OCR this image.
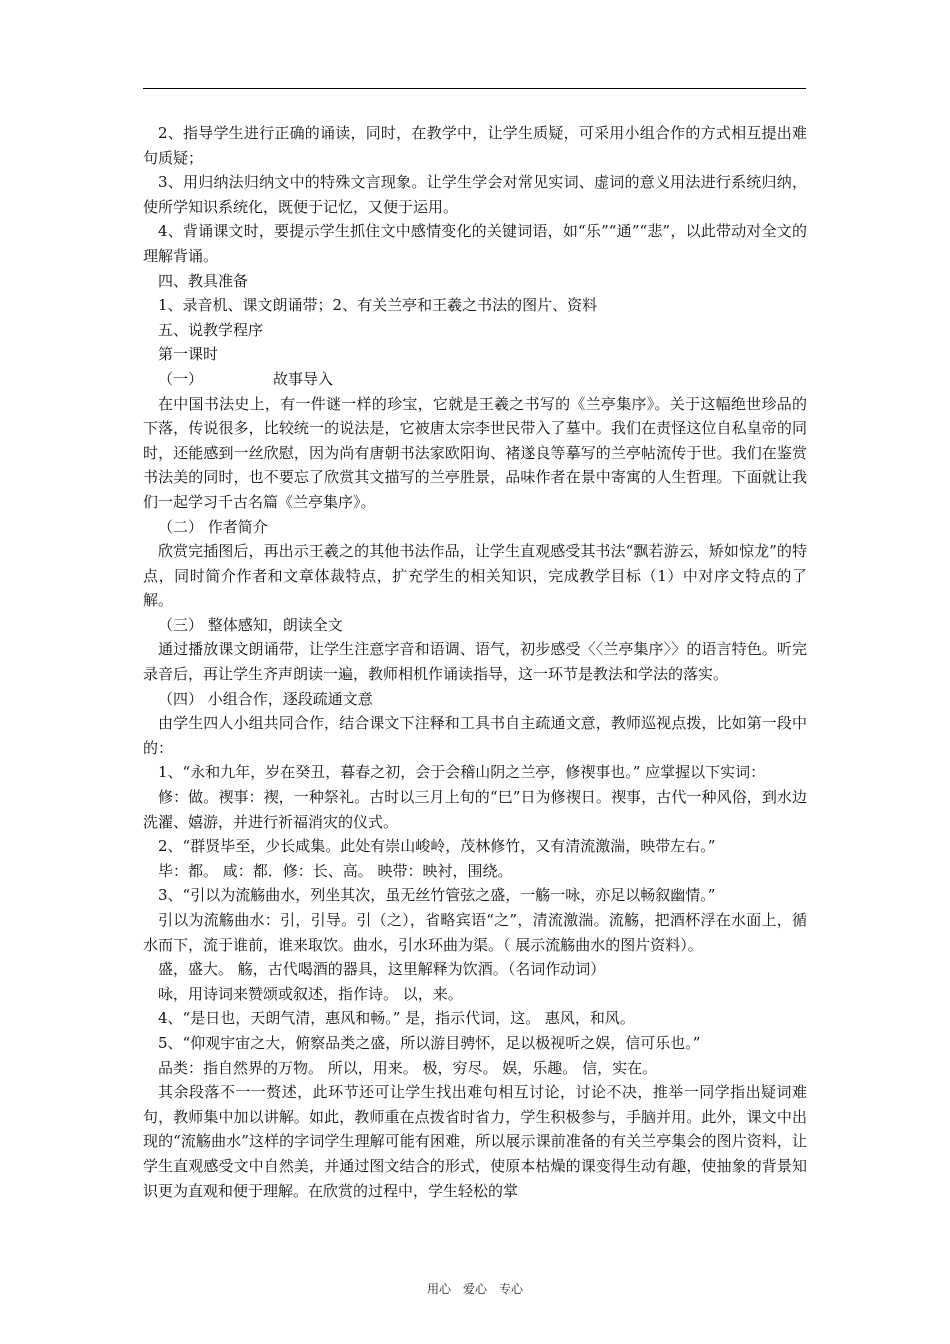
2、指导学生进行正确的诵读，同时，在教学中，让学生质疑，可采用小组合作的方式相互提出难句质疑；

3、用归纳法归纳文中的特殊文言现象。让学生学会对常见实词、虚词的意义用法进行系统归纳，使所学知识系统化，既便于记忆，又便于运用。

4、背诵课文时，要提示学生抓住文中感情变化的关键词语，如“乐”“通”“悲”，以此带动对全文的理解背诵。

四、教具准备

1、录音机、课文朗诵带；2、有关兰亭和王羲之书法的图片、资料

五、说教学程序

第一课时

（一）	故事导入

在中国书法史上，有一件谜一样的珍宝，它就是王羲之书写的《兰亭集序》。关于这幅绝世珍品的下落，传说很多，比较统一的说法是，它被唐太宗李世民带入了墓中。我们在责怪这位自私皇帝的同时，还能感到一丝欣慰，因为尚有唐朝书法家欧阳询、褚遂良等摹写的兰亭帖流传于世。我们在鉴赏书法美的同时，也不要忘了欣赏其文描写的兰亭胜景，品味作者在景中寄寓的人生哲理。下面就让我们一起学习千古名篇《兰亭集序》。

（二） 作者简介

欣赏完插图后，再出示王羲之的其他书法作品，让学生直观感受其书法“飘若游云，矫如惊龙”的特点，同时简介作者和文章体裁特点，扩充学生的相关知识，完成教学目标（1）中对序文特点的了解。

（三） 整体感知，朗读全文

通过播放课文朗诵带，让学生注意字音和语调、语气，初步感受〈〈兰亭集序〉〉的语言特色。听完录音后，再让学生齐声朗读一遍，教师相机作诵读指导，这一环节是教法和学法的落实。

（四） 小组合作，逐段疏通文意

由学生四人小组共同合作，结合课文下注释和工具书自主疏通文意，教师巡视点拨，比如第一段中的：

1、“永和九年，岁在癸丑，暮春之初，会于会稽山阴之兰亭，修禊事也。” 应掌握以下实词：

修：做。禊事：禊，一种祭礼。古时以三月上旬的“巳”日为修禊日。禊事，古代一种风俗，到水边洗濯、嬉游，并进行祈福消灾的仪式。

2、“群贤毕至，少长咸集。此处有崇山峻岭，茂林修竹，又有清流激湍，映带左右。”

毕：都。 咸：都．修：长、高。 映带：映衬，围绕。

3、“引以为流觞曲水，列坐其次，虽无丝竹管弦之盛，一觞一咏，亦足以畅叙幽情。”

引以为流觞曲水：引，引导。引（之），省略宾语“之”，清流激湍。流觞，把酒杯浮在水面上，循水而下，流于谁前，谁来取饮。曲水，引水环曲为渠。（ 展示流觞曲水的图片资料）。

盛，盛大。 觞，古代喝酒的器具，这里解释为饮酒。（名词作动词）

咏，用诗词来赞颂或叙述，指作诗。 以，来。

4、“是日也，天朗气清，惠风和畅。” 是，指示代词，这。 惠风，和风。

5、“仰观宇宙之大，俯察品类之盛，所以游目骋怀，足以极视听之娱，信可乐也。”

品类：指自然界的万物。 所以，用来。 极，穷尽。 娱，乐趣。 信，实在。

其余段落不一一赘述，此环节还可让学生找出难句相互讨论，讨论不决，推举一同学指出疑词难句，教师集中加以讲解。如此，教师重在点拨省时省力，学生积极参与，手脑并用。此外，课文中出现的“流觞曲水”这样的字词学生理解可能有困难，所以展示课前准备的有关兰亭集会的图片资料，让学生直观感受文中自然美，并通过图文结合的形式，使原本枯燥的课变得生动有趣，使抽象的背景知识更为直观和便于理解。在欣赏的过程中，学生轻松的掌

用心　爱心　专心
